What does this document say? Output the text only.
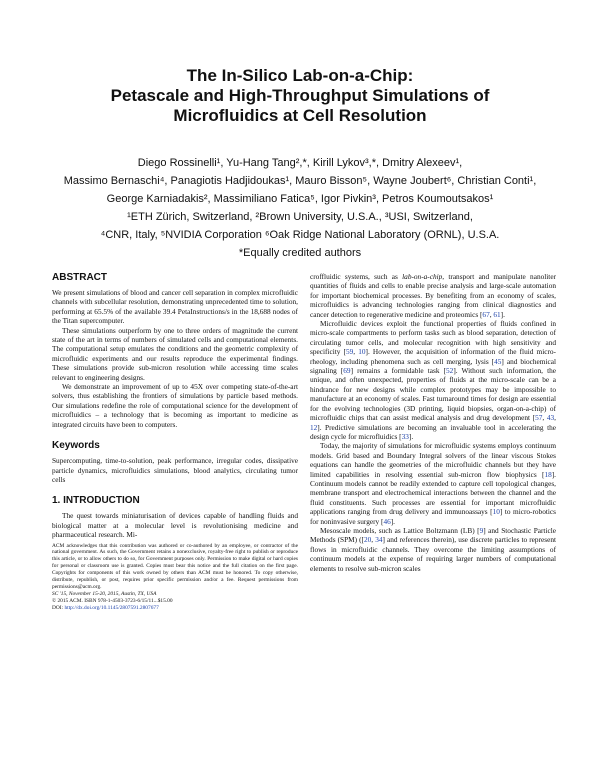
The In-Silico Lab-on-a-Chip:
Petascale and High-Throughput Simulations of
Microfluidics at Cell Resolution
Diego Rossinelli¹, Yu-Hang Tang²,*, Kirill Lykov³,*, Dmitry Alexeev¹,
Massimo Bernaschi⁴, Panagiotis Hadjidoukas¹, Mauro Bisson⁵, Wayne Joubert⁶, Christian Conti¹,
George Karniadakis², Massimiliano Fatica⁵, Igor Pivkin³, Petros Koumoutsakos¹
¹ETH Zürich, Switzerland, ²Brown University, U.S.A., ³USI, Switzerland,
⁴CNR, Italy, ⁵NVIDIA Corporation ⁶Oak Ridge National Laboratory (ORNL), U.S.A.
*Equally credited authors
ABSTRACT

We present simulations of blood and cancer cell separation in complex microfluidic channels with subcellular resolution, demonstrating unprecedented time to solution, performing at 65.5% of the available 39.4 PetaInstructions/s in the 18,688 nodes of the Titan supercomputer.

These simulations outperform by one to three orders of magnitude the current state of the art in terms of numbers of simulated cells and computational elements. The computational setup emulates the conditions and the geometric complexity of microfluidic experiments and our results reproduce the experimental findings. These simulations provide sub-micron resolution while accessing time scales relevant to engineering designs.

We demonstrate an improvement of up to 45X over competing state-of-the-art solvers, thus establishing the frontiers of simulations by particle based methods. Our simulations redefine the role of computational science for the development of microfluidics – a technology that is becoming as important to medicine as integrated circuits have been to computers.

Keywords

Supercomputing, time-to-solution, peak performance, irregular codes, dissipative particle dynamics, microfluidics simulations, blood analytics, circulating tumor cells

1. INTRODUCTION

The quest towards miniaturisation of devices capable of handling fluids and biological matter at a molecular level is revolutionising medicine and pharmaceutical research. Mi-

ACM acknowledges that this contribution was authored or co-authored by an employee, or contractor of the national government. As such, the Government retains a nonexclusive, royalty-free right to publish or reproduce this article, or to allow others to do so, for Government purposes only. Permission to make digital or hard copies for personal or classroom use is granted. Copies must bear this notice and the full citation on the first page. Copyrights for components of this work owned by others than ACM must be honored. To copy otherwise, distribute, republish, or post, requires prior specific permission and/or a fee. Request permissions from permissions@acm.org.

SC '15, November 15-20, 2015, Austin, TX, USA

© 2015 ACM. ISBN 978-1-4503-3723-6/15/11...$15.00

DOI: http://dx.doi.org/10.1145/2807591.2807677

croffluidic systems, such as lab-on-a-chip, transport and manipulate nanoliter quantities of fluids and cells to enable precise analysis and large-scale automation for important biochemical processes. By benefiting from an economy of scales, microfluidics is advancing technologies ranging from clinical diagnostics and cancer detection to regenerative medicine and proteomics [67, 61].

Microfluidic devices exploit the functional properties of fluids confined in micro-scale compartments to perform tasks such as blood separation, detection of circulating tumor cells, and molecular recognition with high sensitivity and specificity [59, 10]. However, the acquisition of information of the fluid micro-rheology, including phenomena such as cell merging, lysis [45] and biochemical signaling [69] remains a formidable task [52]. Without such information, the unique, and often unexpected, properties of fluids at the micro-scale can be a hindrance for new designs while complex prototypes may be impossible to manufacture at an economy of scales. Fast turnaround times for design are essential for the evolving technologies (3D printing, liquid biopsies, organ-on-a-chip) of microfluidic chips that can assist medical analysis and drug development [57, 43, 12]. Predictive simulations are becoming an invaluable tool in accelerating the design cycle for microfluidics [33].

Today, the majority of simulations for microfluidic systems employs continuum models. Grid based and Boundary Integral solvers of the linear viscous Stokes equations can handle the geometries of the microfluidic channels but they have limited capabilities in resolving essential sub-micron flow biophysics [18]. Continuum models cannot be readily extended to capture cell topological changes, membrane transport and electrochemical interactions between the channel and the fluid constituents. Such processes are essential for important microfluidic applications ranging from drug delivery and immunoassays [10] to micro-robotics for noninvasive surgery [46].

Mesoscale models, such as Lattice Boltzmann (LB) [9] and Stochastic Particle Methods (SPM) ([20, 34] and references therein), use discrete particles to represent flows in microfluidic channels. They overcome the limiting assumptions of continuum models at the expense of requiring larger numbers of computational elements to resolve sub-micron scales
